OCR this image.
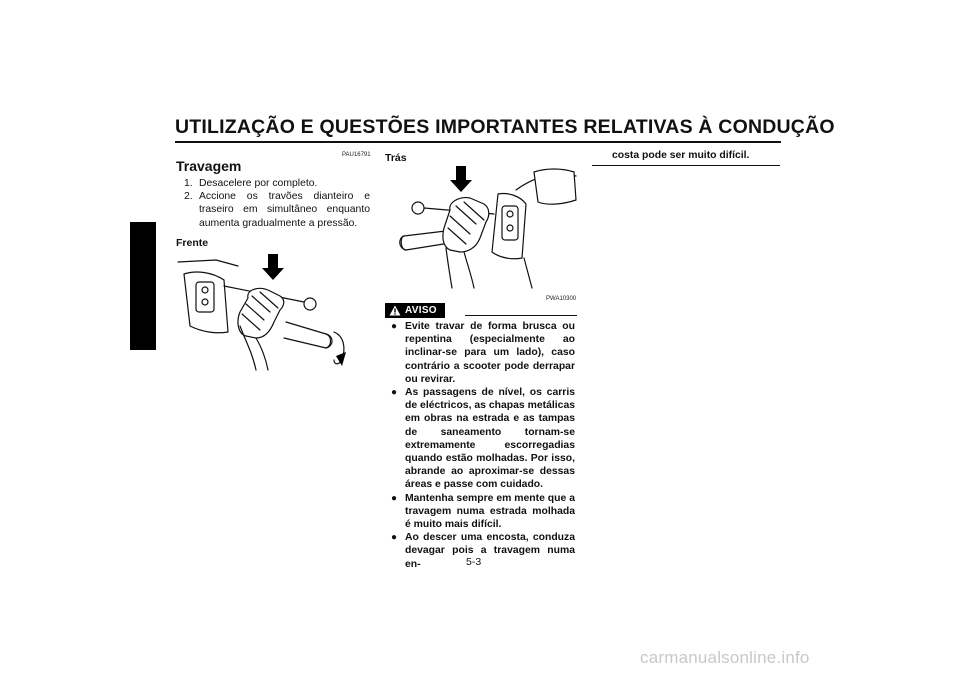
UTILIZAÇÃO E QUESTÕES IMPORTANTES RELATIVAS À CONDUÇÃO
5
PAU16791
Travagem
1. Desacelere por completo.
2. Accione os travões dianteiro e traseiro em simultâneo enquanto aumenta gradualmente a pressão.
Frente
Trás
PWA10300
AVISO
● Evite travar de forma brusca ou repentina (especialmente ao inclinar-se para um lado), caso contrário a scooter pode derrapar ou revirar.
● As passagens de nível, os carris de eléctricos, as chapas metálicas em obras na estrada e as tampas de saneamento tornam-se extremamente escorregadias quando estão molhadas. Por isso, abrande ao aproximar-se dessas áreas e passe com cuidado.
● Mantenha sempre em mente que a travagem numa estrada molhada é muito mais difícil.
● Ao descer uma encosta, conduza devagar pois a travagem numa en-
costa pode ser muito difícil.
5-3
carmanualsonline.info
